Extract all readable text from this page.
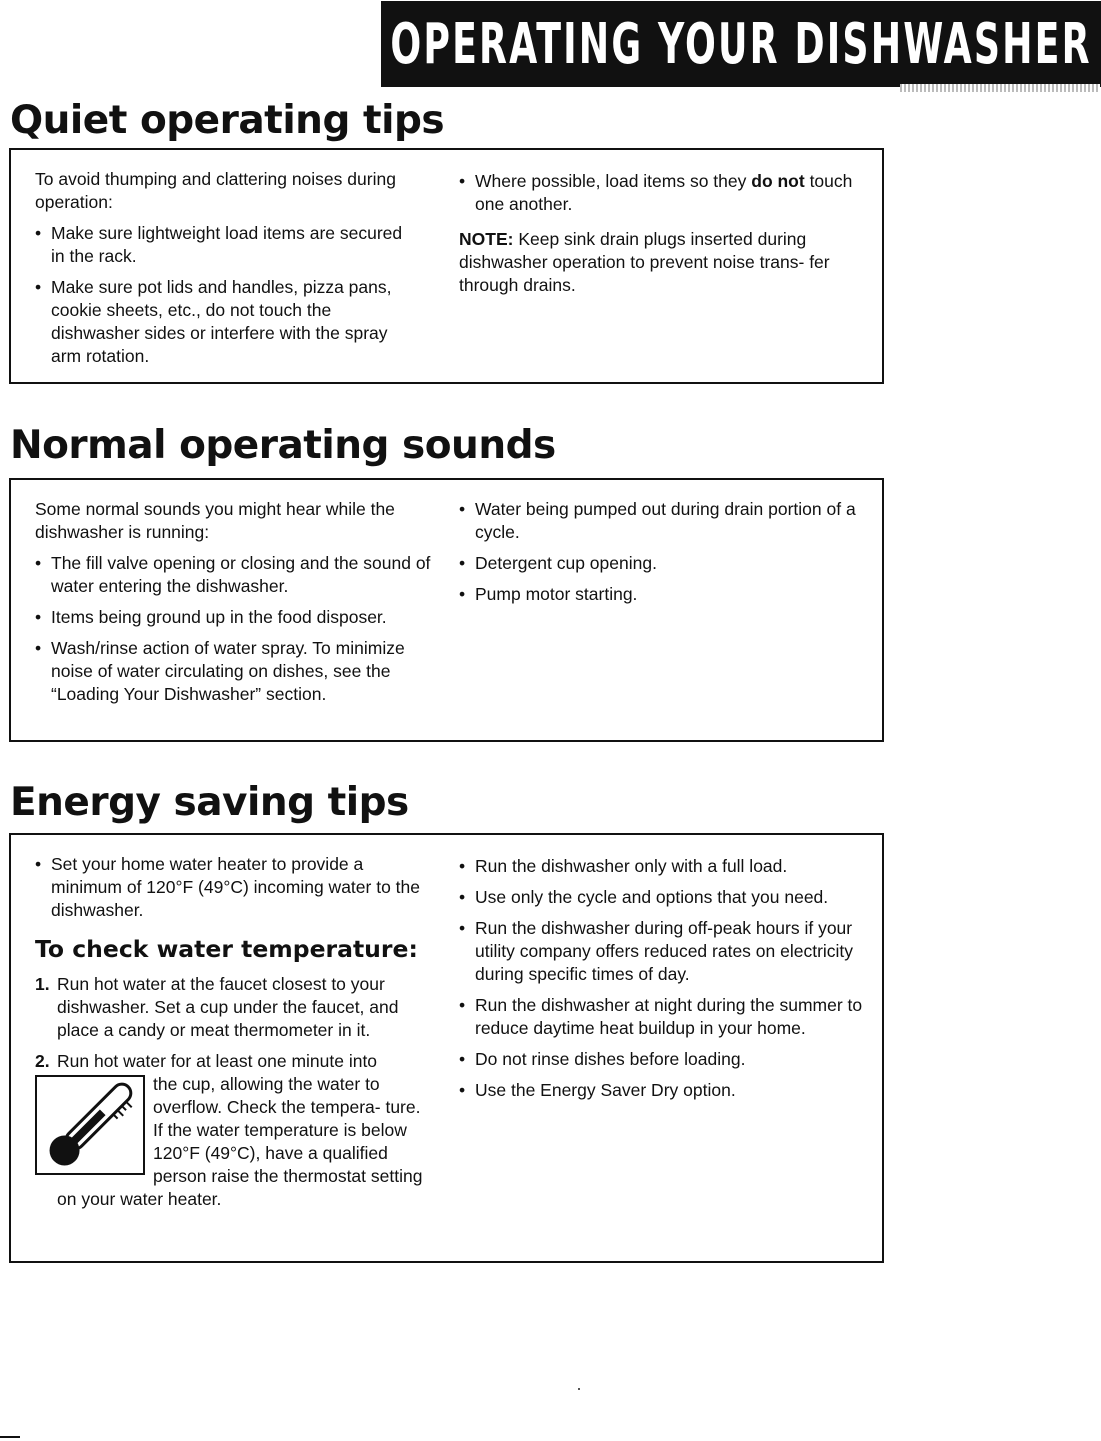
OPERATING YOUR DISHWASHER
Quiet operating tips

To avoid thumping and clattering noises during operation:

• Make sure lightweight load items are secured in the rack.
• Make sure pot lids and handles, pizza pans, cookie sheets, etc., do not touch the dishwasher sides or interfere with the spray arm rotation.
• Where possible, load items so they do not touch one another.

NOTE: Keep sink drain plugs inserted during dishwasher operation to prevent noise trans- fer through drains.

Normal operating sounds

Some normal sounds you might hear while the dishwasher is running:

• The fill valve opening or closing and the sound of water entering the dishwasher.
• Items being ground up in the food disposer.
• Wash/rinse action of water spray. To minimize noise of water circulating on dishes, see the “Loading Your Dishwasher” section.
• Water being pumped out during drain portion of a cycle.
• Detergent cup opening.
• Pump motor starting.
Energy saving tips
• Set your home water heater to provide a minimum of 120°F (49°C) incoming water to the dishwasher.
To check water temperature:
1. Run hot water at the faucet closest to your dishwasher. Set a cup under the faucet, and place a candy or meat thermometer in it.
2. Run hot water for at least one minute into
the cup, allowing the water to overflow. Check the tempera- ture. If the water temperature is below 120°F (49°C), have a qualified person raise the thermostat setting on your water heater.
• Run the dishwasher only with a full load.
• Use only the cycle and options that you need.
• Run the dishwasher during off-peak hours if your utility company offers reduced rates on electricity during specific times of day.
• Run the dishwasher at night during the summer to reduce daytime heat buildup in your home.
• Do not rinse dishes before loading.
• Use the Energy Saver Dry option.
